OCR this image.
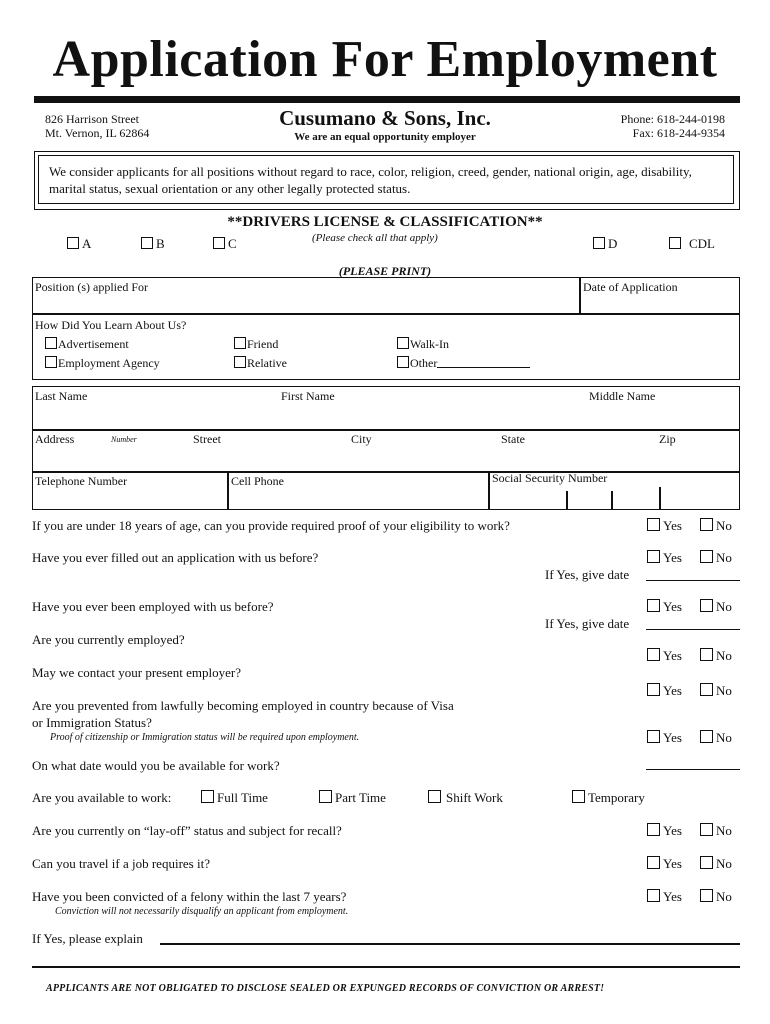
Application For Employment
826 Harrison Street
Mt. Vernon, IL 62864
Cusumano & Sons, Inc.
We are an equal opportunity employer
Phone: 618-244-0198
Fax: 618-244-9354
We consider applicants for all positions without regard to race, color, religion, creed, gender, national origin, age, disability, marital status, sexual orientation or any other legally protected status.
**DRIVERS LICENSE & CLASSIFICATION**
(Please check all that apply)
A	B	C	D	CDL
(PLEASE PRINT)
Position (s) applied For	Date of Application
How Did You Learn About Us?
Advertisement
Employment Agency
Friend
Relative
Walk-In
Other
Last Name	First Name	Middle Name
Address	Number	Street	City	State	Zip
Telephone Number	Cell Phone	Social Security Number
If you are under 18 years of age, can you provide required proof of your eligibility to work?	Yes	No
Have you ever filled out an application with us before?	Yes	No
If Yes, give date
Have you ever been employed with us before?	Yes	No
If Yes, give date
Are you currently employed?
Yes	No
May we contact your present employer?
Yes	No
Are you prevented from lawfully becoming employed in country because of Visa
or Immigration Status?
Proof of citizenship or Immigration status will be required upon employment.	Yes	No
On what date would you be available for work?
Are you available to work:	Full Time	Part Time	Shift Work	Temporary
Are you currently on “lay-off” status and subject for recall?	Yes	No
Can you travel if a job requires it?	Yes	No
Have you been convicted of a felony within the last 7 years?
Conviction will not necessarily disqualify an applicant from employment.
Yes	No
If Yes, please explain
APPLICANTS ARE NOT OBLIGATED TO DISCLOSE SEALED OR EXPUNGED RECORDS OF CONVICTION OR ARREST!
